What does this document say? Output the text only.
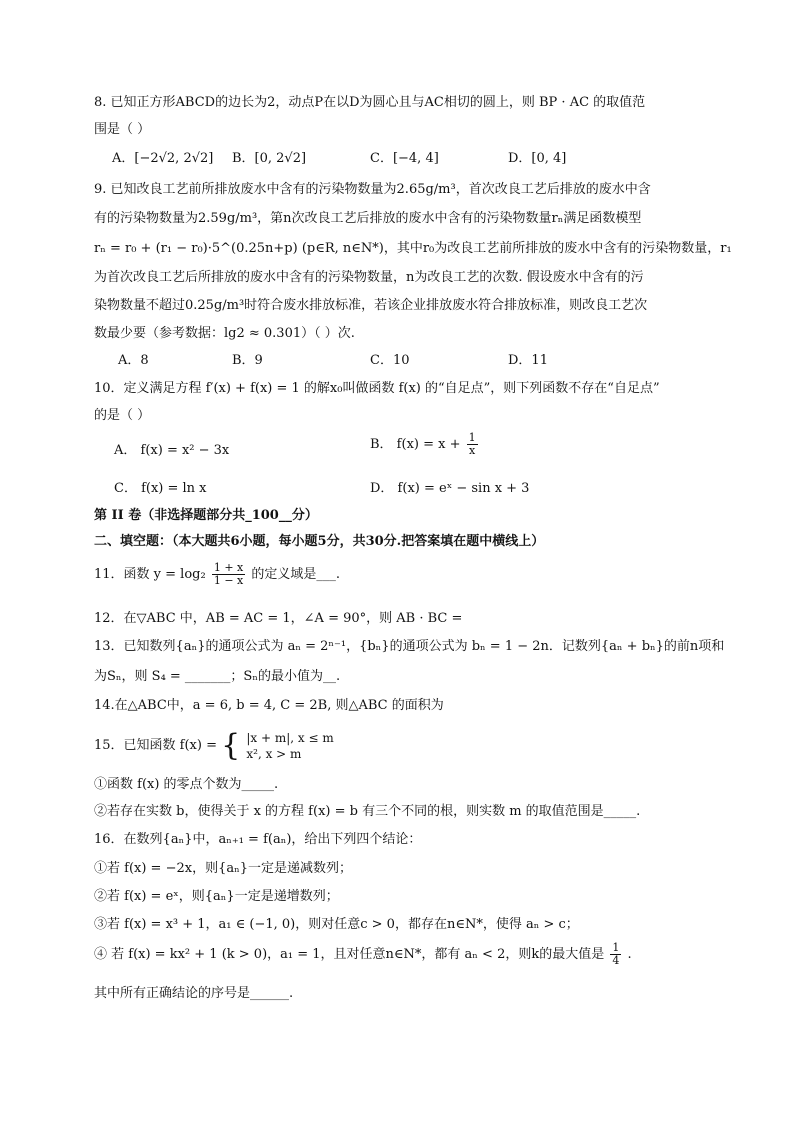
8. 已知正方形ABCD的边长为2，动点P在以D为圆心且与AC相切的圆上，则 BP · AC 的取值范
围是（ ）
A．[−2√2, 2√2] B．[0, 2√2]	C．[−4, 4]	D．[0, 4]
9. 已知改良工艺前所排放废水中含有的污染物数量为2.65g/m³，首次改良工艺后排放的废水中含
有的污染物数量为2.59g/m³，第n次改良工艺后排放的废水中含有的污染物数量rₙ满足函数模型
rₙ = r₀ + (r₁ − r₀)·5^(0.25n+p) (p∈R, n∈N*)，其中r₀为改良工艺前所排放的废水中含有的污染物数量，r₁
为首次改良工艺后所排放的废水中含有的污染物数量，n为改良工艺的次数. 假设废水中含有的污
染物数量不超过0.25g/m³时符合废水排放标准，若该企业排放废水符合排放标准，则改良工艺次
数最少要（参考数据：lg2 ≈ 0.301）（ ）次.
A．8	B．9	C．10	D．11
10．定义满足方程 f′(x) + f(x) = 1 的解x₀叫做函数 f(x) 的“自足点”，则下列函数不存在“自足点”
的是（ ）
A． f(x) = x² − 3x	B． $f(x) = x + \frac{1}{x}$
C． f(x) = ln x	D． f(x) = eˣ − sin x + 3
第 II 卷（非选择题部分共_100__分）
二、填空题：（本大题共6小题，每小题5分，共30分.把答案填在题中横线上）
11．函数 $y = \log_2 \frac{1 + x}{1 - x}$ 的定义域是___.
12．在▽ABC 中，AB = AC = 1，∠A = 90°，则 AB · BC =
13．已知数列{aₙ}的通项公式为 aₙ = 2ⁿ⁻¹，{bₙ}的通项公式为 bₙ = 1 − 2n．记数列{aₙ + bₙ}的前n项和
为Sₙ，则 S₄ = _______；Sₙ的最小值为__.
14.在△ABC中，a = 6, b = 4, C = 2B, 则△ABC 的面积为
15．已知函数 f(x) = { |x + m|, x ≤ m
x², x > m
①函数 f(x) 的零点个数为_____.
②若存在实数 b，使得关于 x 的方程 f(x) = b 有三个不同的根，则实数 m 的取值范围是_____.
16．在数列{aₙ}中，aₙ₊₁ = f(aₙ)，给出下列四个结论：
①若 f(x) = −2x，则{aₙ}一定是递减数列；
②若 f(x) = eˣ，则{aₙ}一定是递增数列；
③若 f(x) = x³ + 1，a₁ ∈ (−1, 0)，则对任意c > 0，都存在n∈N*，使得 aₙ > c；
④ 若 f(x) = kx² + 1 (k > 0)，a₁ = 1，且对任意n∈N*，都有 aₙ < 2，则k的最大值是 $\frac{1}{4}$ .
其中所有正确结论的序号是______.
